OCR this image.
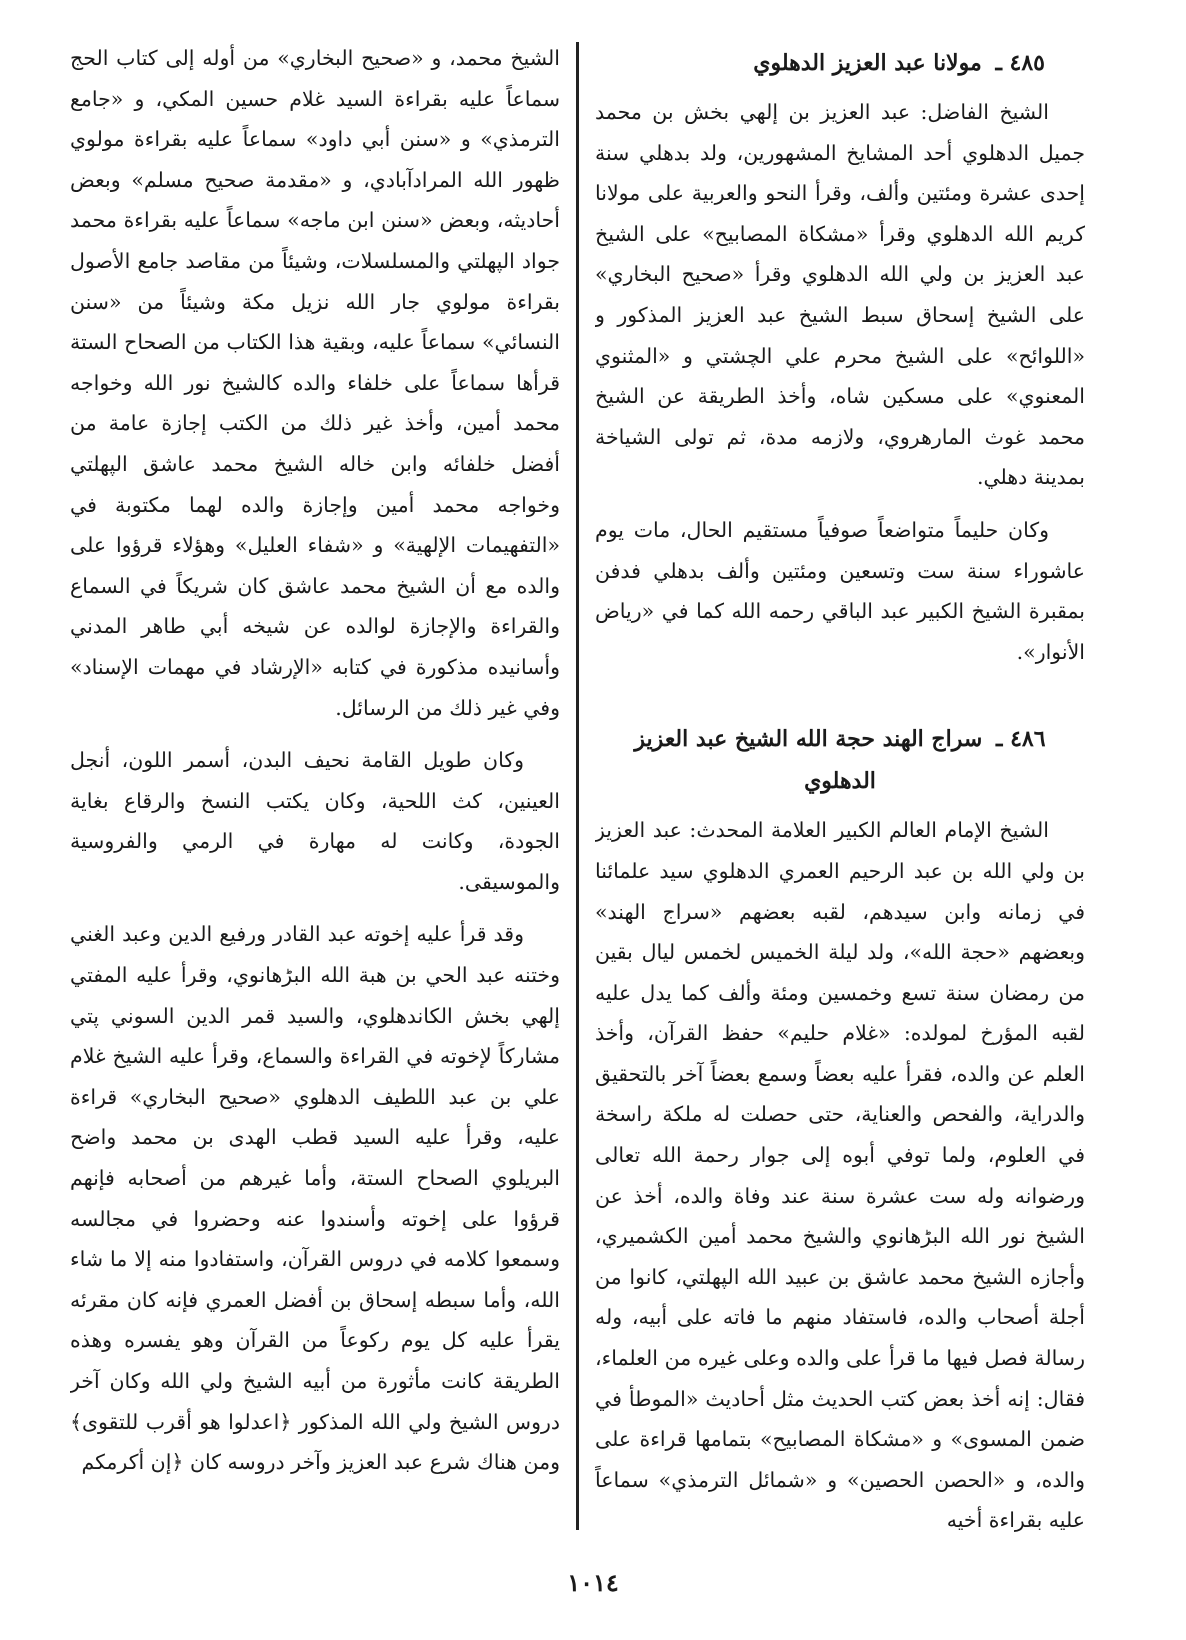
٤٨٥ ـ مولانا عبد العزيز الدهلوي

الشيخ الفاضل: عبد العزيز بن إلهي بخش بن محمد جميل الدهلوي أحد المشايخ المشهورين، ولد بدهلي سنة إحدى عشرة ومئتين وألف، وقرأ النحو والعربية على مولانا كريم الله الدهلوي وقرأ «مشكاة المصابيح» على الشيخ عبد العزيز بن ولي الله الدهلوي وقرأ «صحيح البخاري» على الشيخ إسحاق سبط الشيخ عبد العزيز المذكور و «اللوائح» على الشيخ محرم علي الچشتي و «المثنوي المعنوي» على مسكين شاه، وأخذ الطريقة عن الشيخ محمد غوث المارهروي، ولازمه مدة، ثم تولى الشياخة بمدينة دهلي.

وكان حليماً متواضعاً صوفياً مستقيم الحال، مات يوم عاشوراء سنة ست وتسعين ومئتين وألف بدهلي فدفن بمقبرة الشيخ الكبير عبد الباقي رحمه الله كما في «رياض الأنوار».

٤٨٦ ـ سراج الهند حجة الله الشيخ عبد العزيز الدهلوي

الشيخ الإمام العالم الكبير العلامة المحدث: عبد العزيز بن ولي الله بن عبد الرحيم العمري الدهلوي سيد علمائنا في زمانه وابن سيدهم، لقبه بعضهم «سراج الهند» وبعضهم «حجة الله»، ولد ليلة الخميس لخمس ليال بقين من رمضان سنة تسع وخمسين ومئة وألف كما يدل عليه لقبه المؤرخ لمولده: «غلام حليم» حفظ القرآن، وأخذ العلم عن والده، فقرأ عليه بعضاً وسمع بعضاً آخر بالتحقيق والدراية، والفحص والعناية، حتى حصلت له ملكة راسخة في العلوم، ولما توفي أبوه إلى جوار رحمة الله تعالى ورضوانه وله ست عشرة سنة عند وفاة والده، أخذ عن الشيخ نور الله البڑهانوي والشيخ محمد أمين الكشميري، وأجازه الشيخ محمد عاشق بن عبيد الله الپهلتي، كانوا من أجلة أصحاب والده، فاستفاد منهم ما فاته على أبيه، وله رسالة فصل فيها ما قرأ على والده وعلى غيره من العلماء، فقال: إنه أخذ بعض كتب الحديث مثل أحاديث «الموطأ في ضمن المسوى» و «مشكاة المصابيح» بتمامها قراءة على والده، و «الحصن الحصين» و «شمائل الترمذي» سماعاً عليه بقراءة أخيه

الشيخ محمد، و «صحيح البخاري» من أوله إلى كتاب الحج سماعاً عليه بقراءة السيد غلام حسين المكي، و «جامع الترمذي» و «سنن أبي داود» سماعاً عليه بقراءة مولوي ظهور الله المرادآبادي، و «مقدمة صحيح مسلم» وبعض أحاديثه، وبعض «سنن ابن ماجه» سماعاً عليه بقراءة محمد جواد الپهلتي والمسلسلات، وشيئاً من مقاصد جامع الأصول بقراءة مولوي جار الله نزيل مكة وشيئاً من «سنن النسائي» سماعاً عليه، وبقية هذا الكتاب من الصحاح الستة قرأها سماعاً على خلفاء والده كالشيخ نور الله وخواجه محمد أمين، وأخذ غير ذلك من الكتب إجازة عامة من أفضل خلفائه وابن خاله الشيخ محمد عاشق الپهلتي وخواجه محمد أمين وإجازة والده لهما مكتوبة في «التفهيمات الإلهية» و «شفاء العليل» وهؤلاء قرؤوا على والده مع أن الشيخ محمد عاشق كان شريكاً في السماع والقراءة والإجازة لوالده عن شيخه أبي طاهر المدني وأسانيده مذكورة في كتابه «الإرشاد في مهمات الإسناد» وفي غير ذلك من الرسائل.

وكان طويل القامة نحيف البدن، أسمر اللون، أنجل العينين، كث اللحية، وكان يكتب النسخ والرقاع بغاية الجودة، وكانت له مهارة في الرمي والفروسية والموسيقى.

وقد قرأ عليه إخوته عبد القادر ورفيع الدين وعبد الغني وختنه عبد الحي بن هبة الله البڑهانوي، وقرأ عليه المفتي إلهي بخش الكاندهلوي، والسيد قمر الدين السوني پتي مشاركاً لإخوته في القراءة والسماع، وقرأ عليه الشيخ غلام علي بن عبد اللطيف الدهلوي «صحيح البخاري» قراءة عليه، وقرأ عليه السيد قطب الهدى بن محمد واضح البريلوي الصحاح الستة، وأما غيرهم من أصحابه فإنهم قرؤوا على إخوته وأسندوا عنه وحضروا في مجالسه وسمعوا كلامه في دروس القرآن، واستفادوا منه إلا ما شاء الله، وأما سبطه إسحاق بن أفضل العمري فإنه كان مقرئه يقرأ عليه كل يوم ركوعاً من القرآن وهو يفسره وهذه الطريقة كانت مأثورة من أبيه الشيخ ولي الله وكان آخر دروس الشيخ ولي الله المذكور ﴿اعدلوا هو أقرب للتقوى﴾ ومن هناك شرع عبد العزيز وآخر دروسه كان ﴿إن أكرمكم

١٠١٤
